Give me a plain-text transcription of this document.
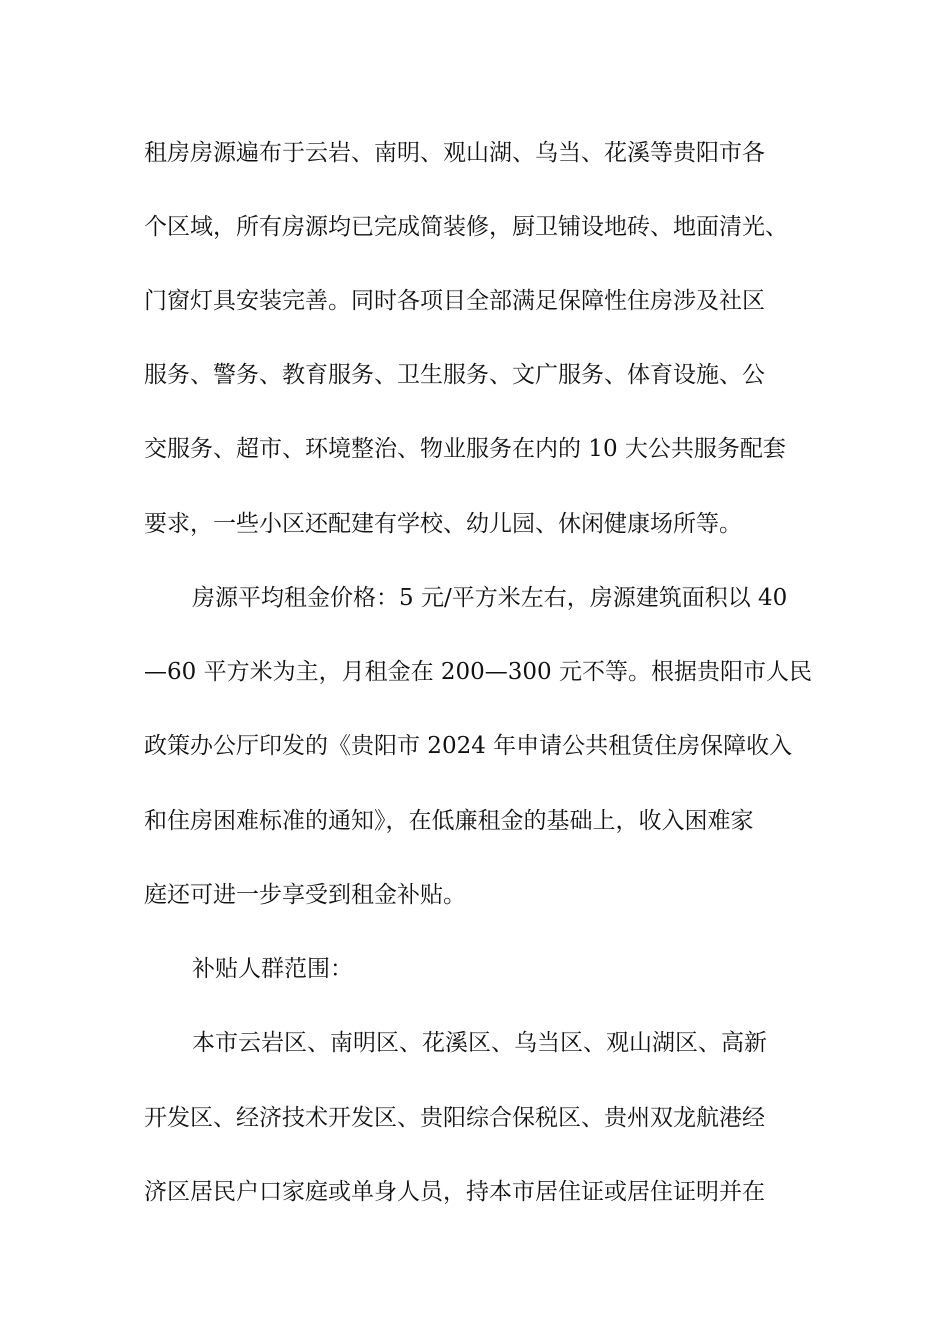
租房房源遍布于云岩、南明、观山湖、乌当、花溪等贵阳市各
个区域，所有房源均已完成简装修，厨卫铺设地砖、地面清光、
门窗灯具安装完善。同时各项目全部满足保障性住房涉及社区
服务、警务、教育服务、卫生服务、文广服务、体育设施、公
交服务、超市、环境整治、物业服务在内的 10 大公共服务配套
要求，一些小区还配建有学校、幼儿园、休闲健康场所等。
房源平均租金价格：5 元/平方米左右，房源建筑面积以 40
—60 平方米为主，月租金在 200—300 元不等。根据贵阳市人民
政策办公厅印发的《贵阳市 2024 年申请公共租赁住房保障收入
和住房困难标准的通知》，在低廉租金的基础上，收入困难家
庭还可进一步享受到租金补贴。
补贴人群范围：
本市云岩区、南明区、花溪区、乌当区、观山湖区、高新
开发区、经济技术开发区、贵阳综合保税区、贵州双龙航港经
济区居民户口家庭或单身人员，持本市居住证或居住证明并在
